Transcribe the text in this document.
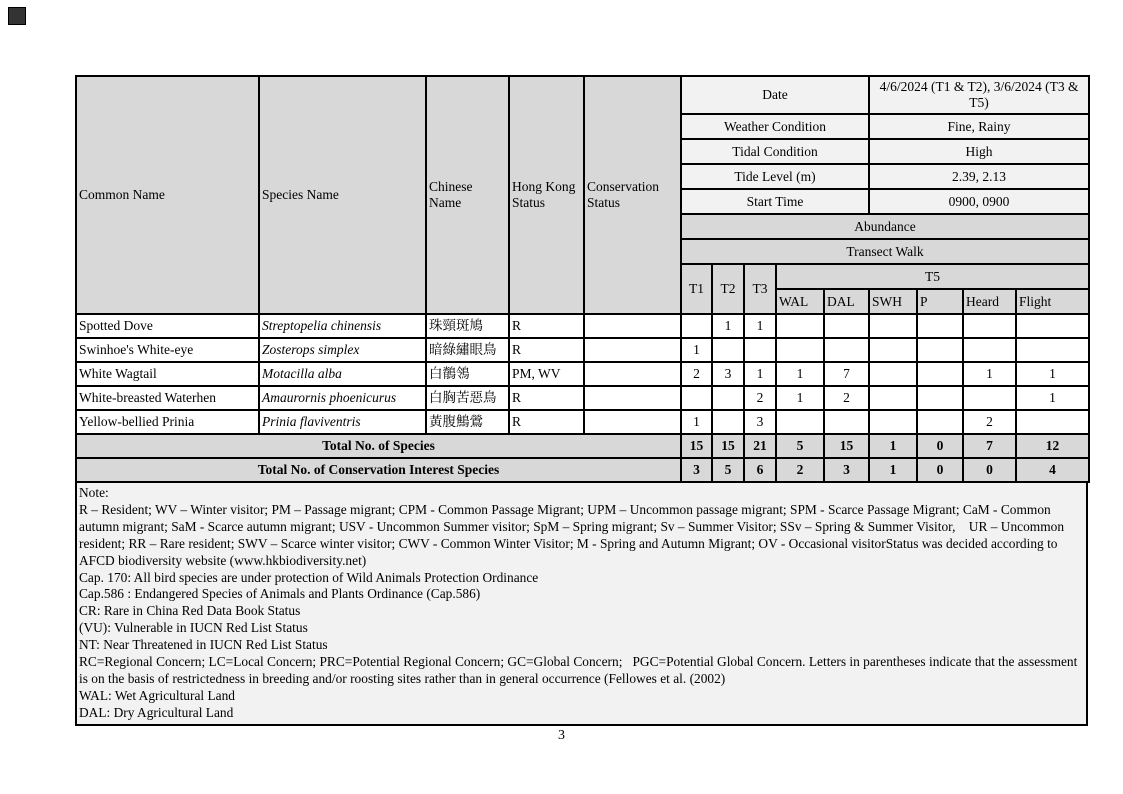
Common Name	Species Name	Chinese Name	Hong Kong Status	Conservation Status	Date					4/6/2024 (T1 & T2), 3/6/2024 (T3 & T5)			
					Weather Condition					Fine, Rainy			
					Tidal Condition					High			
					Tide Level (m)					2.39, 2.13			
					Start Time					0900, 0900			
					Abundance								
					Transect Walk								
					T1	T2	T3	T5					
								WAL	DAL	SWH	P	Heard	Flight
Spotted Dove	Streptopelia chinensis	珠頸斑鳩	R			1	1						
Swinhoe's White-eye	Zosterops simplex	暗綠繡眼鳥	R		1								
White Wagtail	Motacilla alba	白鶺鴒	PM, WV		2	3	1	1	7			1	1
White-breasted Waterhen	Amaurornis phoenicurus	白胸苦惡鳥	R				2	1	2				1
Yellow-bellied Prinia	Prinia flaviventris	黃腹鷦鶯	R		1		3					2	
Total No. of Species					15	15	21	5	15	1	0	7	12
Total No. of Conservation Interest Species					3	5	6	2	3	1	0	0	4
Note:
R – Resident; WV – Winter visitor; PM – Passage migrant; CPM - Common Passage Migrant; UPM – Uncommon passage migrant; SPM - Scarce Passage Migrant; CaM - Common autumn migrant; SaM - Scarce autumn migrant; USV - Uncommon Summer visitor; SpM – Spring migrant; Sv – Summer Visitor; SSv – Spring & Summer Visitor,    UR – Uncommon resident; RR – Rare resident; SWV – Scarce winter visitor; CWV - Common Winter Visitor; M - Spring and Autumn Migrant; OV - Occasional visitorStatus was decided according to AFCD biodiversity website (www.hkbiodiversity.net)
Cap. 170: All bird species are under protection of Wild Animals Protection Ordinance
Cap.586 : Endangered Species of Animals and Plants Ordinance (Cap.586)
CR: Rare in China Red Data Book Status
(VU): Vulnerable in IUCN Red List Status
NT: Near Threatened in IUCN Red List Status
RC=Regional Concern; LC=Local Concern; PRC=Potential Regional Concern; GC=Global Concern;   PGC=Potential Global Concern. Letters in parentheses indicate that the assessment is on the basis of restrictedness in breeding and/or roosting sites rather than in general occurrence (Fellowes et al. (2002)
WAL: Wet Agricultural Land
DAL: Dry Agricultural Land
3
